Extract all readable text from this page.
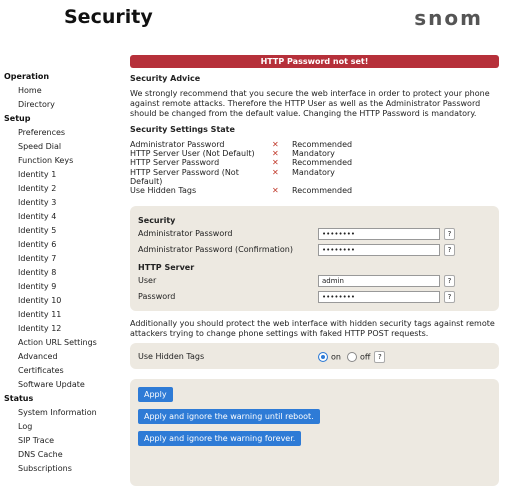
Security	snom
Operation
Home
Directory
Setup
Preferences
Speed Dial
Function Keys
Identity 1
Identity 2
Identity 3
Identity 4
Identity 5
Identity 6
Identity 7
Identity 8
Identity 9
Identity 10
Identity 11
Identity 12
Action URL Settings
Advanced
Certificates
Software Update
Status
System Information
Log
SIP Trace
DNS Cache
Subscriptions
HTTP Password not set!
Security Advice

We strongly recommend that you secure the web interface in order to protect your phone against remote attacks. Therefore the HTTP User as well as the Administrator Password should be changed from the default value. Changing the HTTP Password is mandatory.

Security Settings State
Administrator Password	✕	Recommended
HTTP Server User (Not Default)	✕	Mandatory
HTTP Server Password	✕	Recommended
HTTP Server Password (Not Default)
✕	Mandatory
Use Hidden Tags	✕	Recommended
Security
Administrator Password	••••••••	?
Administrator Password (Confirmation)	••••••••	?
HTTP Server
User	admin	?
Password	••••••••	?

Additionally you should protect the web interface with hidden security tags against remote attackers trying to change phone settings with faked HTTP POST requests.

Use Hidden Tags	on	off	?
Apply
Apply and ignore the warning until reboot.
Apply and ignore the warning forever.
